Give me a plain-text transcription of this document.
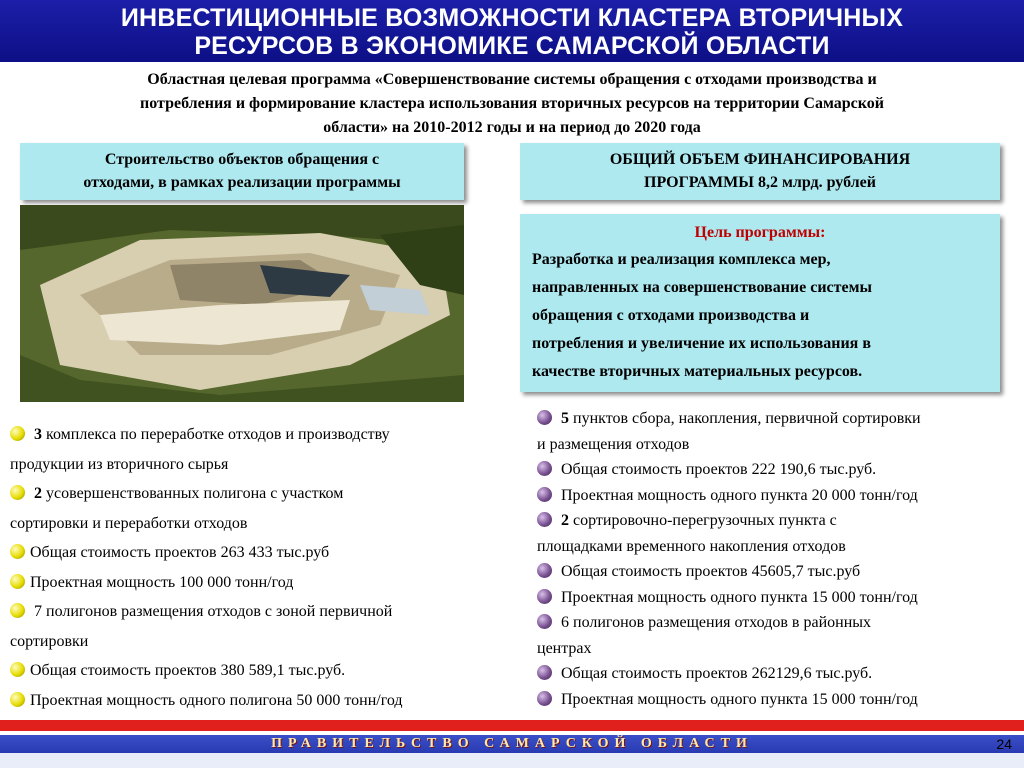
ИНВЕСТИЦИОННЫЕ ВОЗМОЖНОСТИ КЛАСТЕРА ВТОРИЧНЫХ
РЕСУРСОВ В ЭКОНОМИКЕ САМАРСКОЙ ОБЛАСТИ
Областная целевая программа «Совершенствование системы обращения с отходами производства и
потребления и формирование кластера использования вторичных ресурсов на территории Самарской
области» на 2010-2012 годы и на период до 2020 года
Строительство объектов обращения с
отходами, в рамках реализации программы
ОБЩИЙ ОБЪЕМ ФИНАНСИРОВАНИЯ
ПРОГРАММЫ 8,2 млрд. рублей
Цель программы:
Разработка и реализация комплекса мер,
направленных на совершенствование системы
обращения с отходами производства и
потребления и увеличение их использования в
качестве вторичных материальных ресурсов.
3 комплекса по переработке отходов и производству
продукции из вторичного сырья
2 усовершенствованных полигона с участком
сортировки и переработки отходов
Общая стоимость проектов 263 433 тыс.руб
Проектная мощность 100 000 тонн/год
7 полигонов размещения отходов с зоной первичной
сортировки
Общая стоимость проектов 380 589,1 тыс.руб.
Проектная мощность одного полигона 50 000 тонн/год
5 пунктов сбора, накопления, первичной сортировки
и размещения отходов
Общая стоимость проектов 222 190,6 тыс.руб.
Проектная мощность одного пункта 20 000 тонн/год
2 сортировочно-перегрузочных пункта с
площадками временного накопления отходов
Общая стоимость проектов 45605,7 тыс.руб
Проектная мощность одного пункта 15 000 тонн/год
6 полигонов размещения отходов в районных
центрах
Общая стоимость проектов 262129,6 тыс.руб.
Проектная мощность одного пункта 15 000 тонн/год
ПРАВИТЕЛЬСТВО САМАРСКОЙ ОБЛАСТИ	24
